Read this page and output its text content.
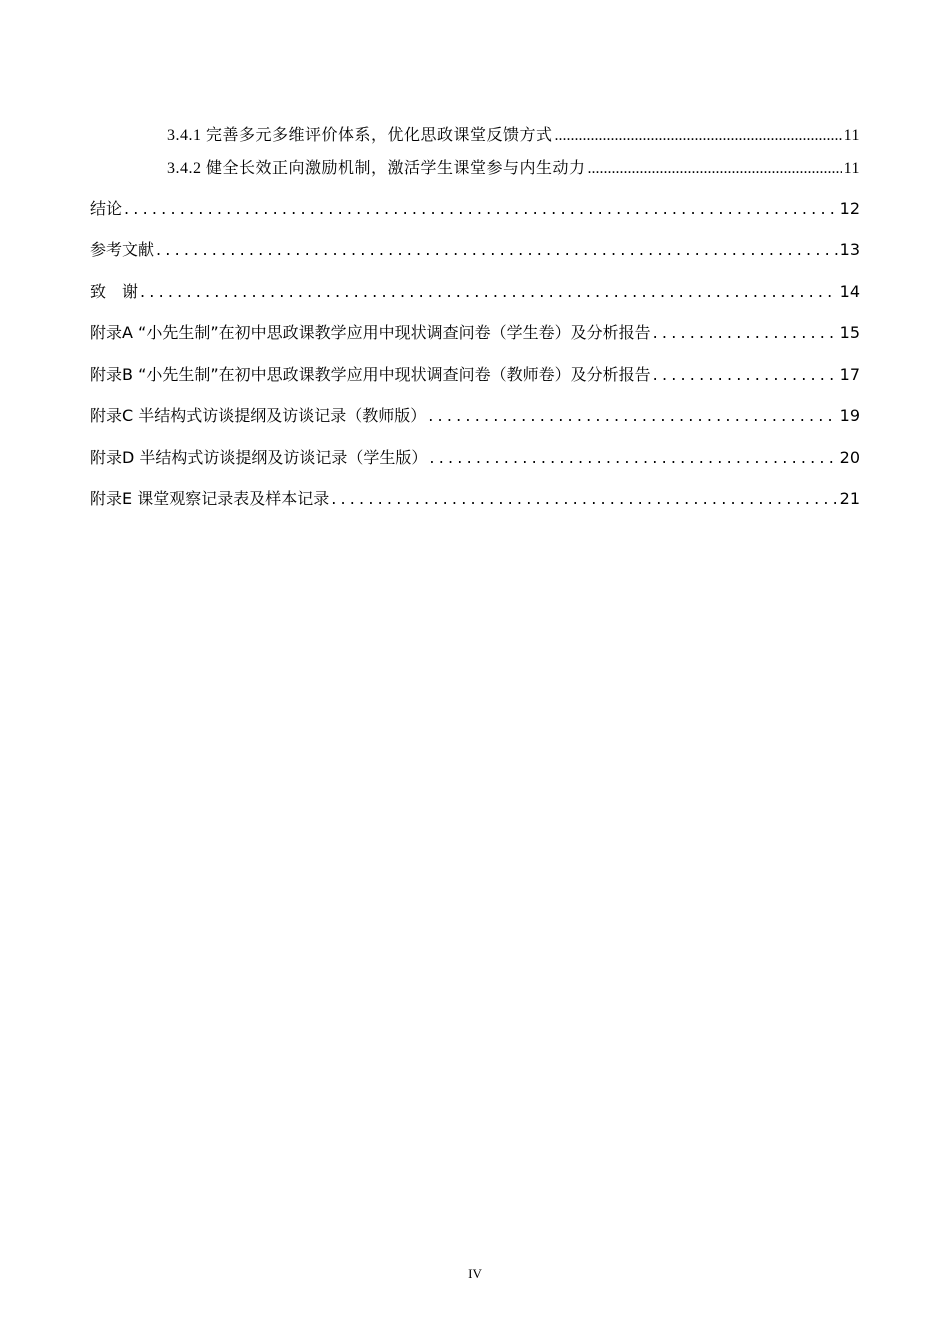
3.4.1 完善多元多维评价体系，优化思政课堂反馈方式 .....	11
3.4.2 健全长效正向激励机制，激活学生课堂参与内生动力 .....	11
结论 .....	12
参考文献 .....	13
致　谢 .....	14
附录A “小先生制”在初中思政课教学应用中现状调查问卷（学生卷）及分析报告 .....	15
附录B “小先生制”在初中思政课教学应用中现状调查问卷（教师卷）及分析报告 .....	17
附录C 半结构式访谈提纲及访谈记录（教师版） .....	19
附录D 半结构式访谈提纲及访谈记录（学生版） .....	20
附录E 课堂观察记录表及样本记录 .....	21
IV
